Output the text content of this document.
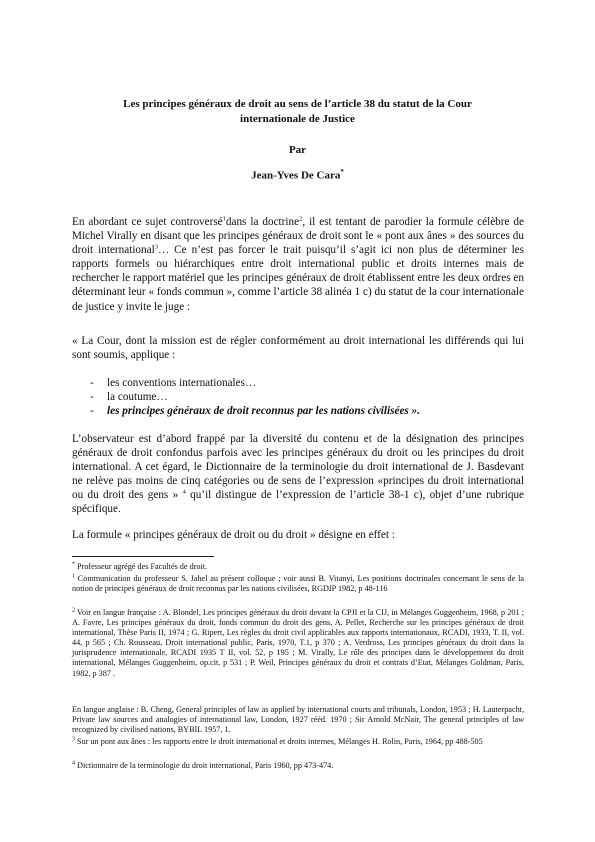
Les principes généraux de droit au sens de l’article 38 du statut de la Cour internationale de Justice
Par
Jean-Yves De Cara*
En abordant ce sujet controversé$^1$dans la doctrine$^2$, il est tentant de parodier la formule célèbre de Michel Virally en disant que les principes généraux de droit sont le « pont aux ânes » des sources du droit international$^3$… Ce n’est pas forcer le trait puisqu’il s’agit ici non plus de déterminer les rapports formels ou hiérarchiques entre droit international public et droits internes mais de rechercher le rapport matériel que les principes généraux de droit établissent entre les deux ordres en déterminant leur « fonds commun », comme l’article 38 alinéa 1 c) du statut de la cour internationale de justice y invite le juge :
« La Cour, dont la mission est de régler conformément au droit international les différends qui lui sont soumis, applique :
-	les conventions internationales…
-	la coutume…
-	les principes généraux de droit reconnus par les nations civilisées ».
L’observateur est d’abord frappé par la diversité du contenu et de la désignation des principes généraux de droit confondus parfois avec les principes généraux du droit ou les principes du droit international. A cet égard, le Dictionnaire de la terminologie du droit international de J. Basdevant ne relève pas moins de cinq catégories ou de sens de l’expression «principes du droit international ou du droit des gens » $^4$ qu’il distingue de l’expression de l’article 38-1 c), objet d’une rubrique spécifique.
La formule « principes généraux de droit ou du droit » désigne en effet :
* Professeur agrégé des Facultés de droit.
$^1$ Communication du professeur S. Jahel au présent colloque ; voir aussi B. Vitanyi, Les positions doctrinales concernant le sens de la notion de principes généraux de droit reconnus par les nations civilisées, RGDIP 1982, p 48-116
$^2$ Voir en langue française : A. Blondel, Les principes généraux du droit devant la CPJI et la CIJ, in Mélanges Guggenheim, 1968, p 201 ; A. Favre, Les principes généraux du droit, fonds commun du droit des gens, A. Pellet, Recherche sur les principes généraux de droit international, Thèse Paris II, 1974 ; G. Ripert, Les règles du droit civil applicables aux rapports internationaux, RCADI, 1933, T. II, vol. 44, p 565 ; Ch. Rousseau, Droit international public, Paris, 1970, T.1, p 370 ; A. Verdross, Les principes généraux du droit dans la jurisprudence internationale, RCADI 1935 T II, vol. 52, p 195 ; M. Virally, Le rôle des principes dans le développement du droit international, Mélanges Guggenheim, op.cit. p 531 ; P. Weil, Principes généraux du droit et contrats d’Etat, Mélanges Goldman, Paris, 1982, p 387 .
En langue anglaise : B. Cheng, General principles of law as applied by international courts and tribunals, London, 1953 ; H. Lauterpacht, Private law sources and analogies of international law, London, 1927 rééd. 1970 ; Sir Arnold McNair, The general principles of law recognized by civilised nations, BYBIL 1957, 1.
$^3$ Sur un pont aux ânes : les rapports entre le droit international et droits internes, Mélanges H. Rolin, Paris, 1964, pp 488-505
$^4$ Dictionnaire de la terminologie du droit international, Paris 1960, pp 473-474.
